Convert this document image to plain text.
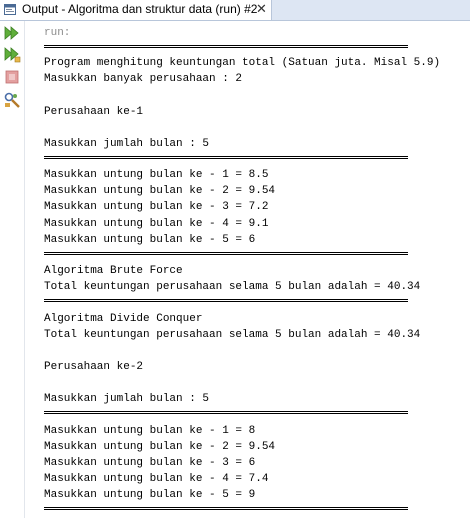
Output - Algoritma dan struktur data (run) #2
✕
run:
Program menghitung keuntungan total (Satuan juta. Misal 5.9)
Masukkan banyak perusahaan : 2
Perusahaan ke-1
Masukkan jumlah bulan : 5
Masukkan untung bulan ke - 1 = 8.5
Masukkan untung bulan ke - 2 = 9.54
Masukkan untung bulan ke - 3 = 7.2
Masukkan untung bulan ke - 4 = 9.1
Masukkan untung bulan ke - 5 = 6
Algoritma Brute Force
Total keuntungan perusahaan selama 5 bulan adalah = 40.34
Algoritma Divide Conquer
Total keuntungan perusahaan selama 5 bulan adalah = 40.34
Perusahaan ke-2
Masukkan jumlah bulan : 5
Masukkan untung bulan ke - 1 = 8
Masukkan untung bulan ke - 2 = 9.54
Masukkan untung bulan ke - 3 = 6
Masukkan untung bulan ke - 4 = 7.4
Masukkan untung bulan ke - 5 = 9
